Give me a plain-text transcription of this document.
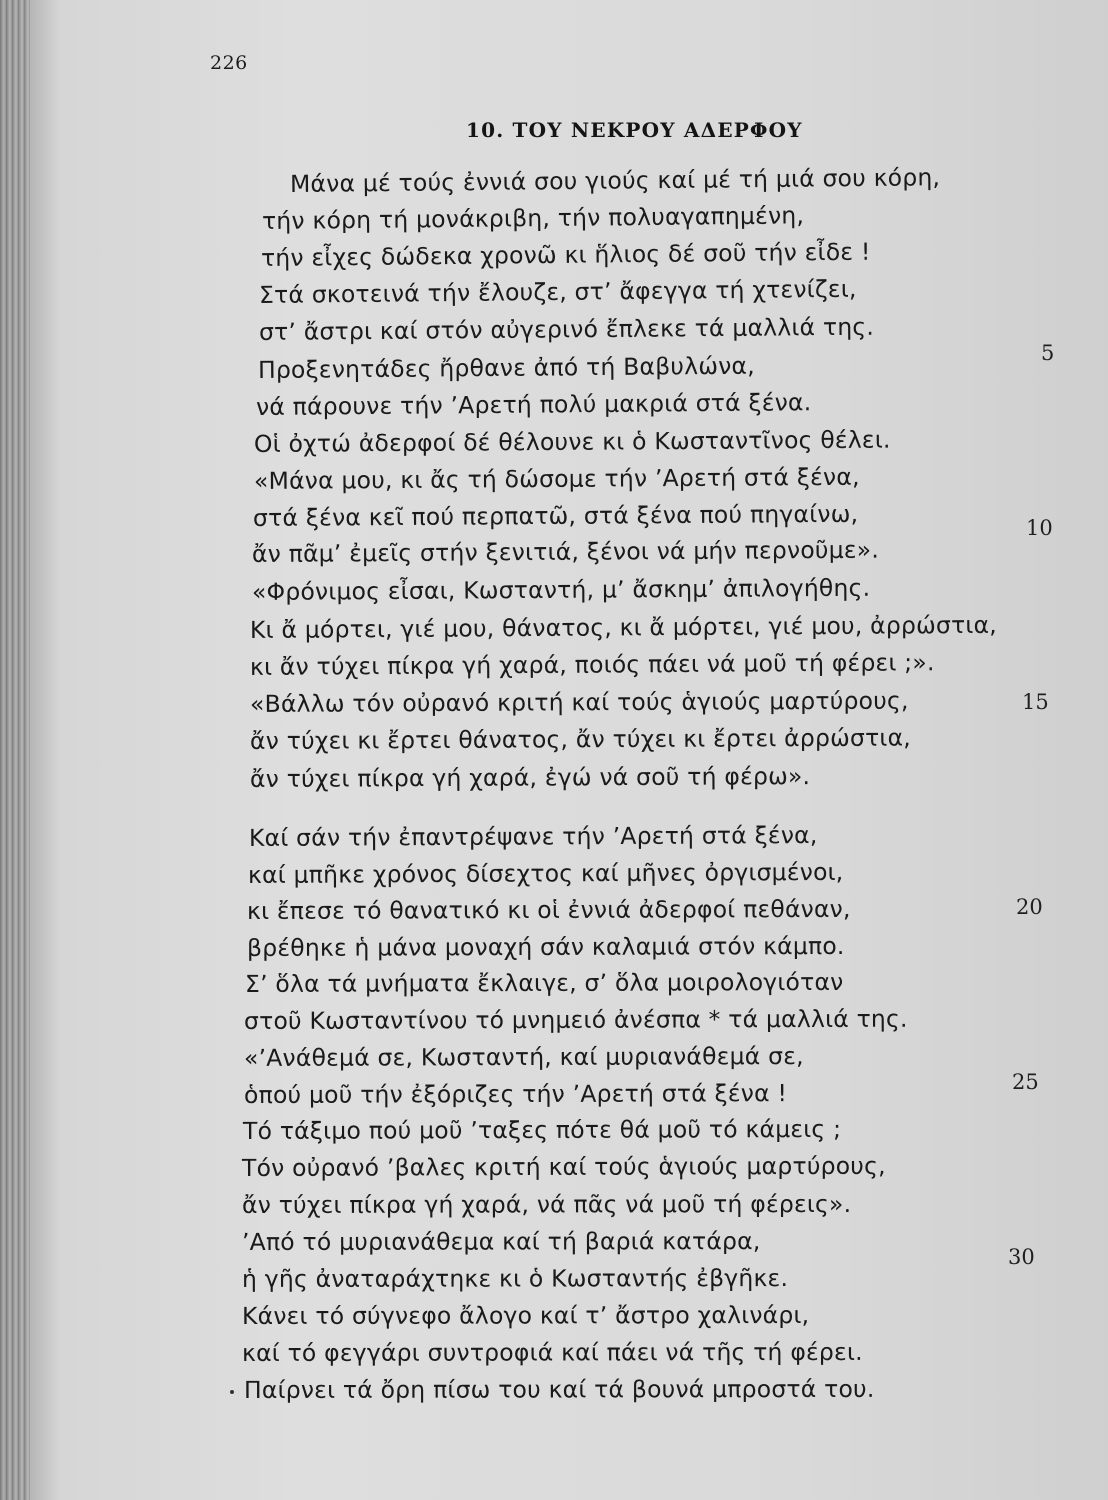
226
10. ΤΟΥ ΝΕΚΡΟΥ ΑΔΕΡΦΟΥ
Μάνα μέ τούς ἐννιά σου γιούς καί μέ τή μιά σου κόρη,
τήν κόρη τή μονάκριβη, τήν πολυαγαπημένη,
τήν εἶχες δώδεκα χρονῶ κι ἥλιος δέ σοῦ τήν εἶδε !
Στά σκοτεινά τήν ἔλουζε, στ’ ἄφεγγα τή χτενίζει,
στ’ ἄστρι καί στόν αὐγερινό ἔπλεκε τά μαλλιά της.
Προξενητάδες ἤρθανε ἀπό τή Βαβυλώνα,
νά πάρουνε τήν ’Αρετή πολύ μακριά στά ξένα.
Οἱ ὀχτώ ἀδερφοί δέ θέλουνε κι ὁ Κωσταντῖνος θέλει.
«Μάνα μου, κι ἄς τή δώσομε τήν ’Αρετή στά ξένα,
στά ξένα κεῖ πού περπατῶ, στά ξένα πού πηγαίνω,
ἄν πᾶμ’ ἐμεῖς στήν ξενιτιά, ξένοι νά μήν περνοῦμε».
«Φρόνιμος εἶσαι, Κωσταντή, μ’ ἄσκημ’ ἀπιλογήθης.
Κι ἄ μόρτει, γιέ μου, θάνατος, κι ἄ μόρτει, γιέ μου, ἀρρώστια,
κι ἄν τύχει πίκρα γή χαρά, ποιός πάει νά μοῦ τή φέρει ;».
«Βάλλω τόν οὐρανό κριτή καί τούς ἁγιούς μαρτύρους,
ἄν τύχει κι ἔρτει θάνατος, ἄν τύχει κι ἔρτει ἀρρώστια,
ἄν τύχει πίκρα γή χαρά, ἐγώ νά σοῦ τή φέρω».
Καί σάν τήν ἐπαντρέψανε τήν ’Αρετή στά ξένα,
καί μπῆκε χρόνος δίσεχτος καί μῆνες ὀργισμένοι,
κι ἔπεσε τό θανατικό κι οἱ ἐννιά ἀδερφοί πεθάναν,
βρέθηκε ἡ μάνα μοναχή σάν καλαμιά στόν κάμπο.
Σ’ ὅλα τά μνήματα ἔκλαιγε, σ’ ὅλα μοιρολογιόταν
στοῦ Κωσταντίνου τό μνημειό ἀνέσπα * τά μαλλιά της.
«’Ανάθεμά σε, Κωσταντή, καί μυριανάθεμά σε,
ὁπού μοῦ τήν ἐξόριζες τήν ’Αρετή στά ξένα !
Τό τάξιμο πού μοῦ ’ταξες πότε θά μοῦ τό κάμεις ;
Τόν οὐρανό ’βαλες κριτή καί τούς ἁγιούς μαρτύρους,
ἄν τύχει πίκρα γή χαρά, νά πᾶς νά μοῦ τή φέρεις».
’Από τό μυριανάθεμα καί τή βαριά κατάρα,
ἡ γῆς ἀναταράχτηκε κι ὁ Κωσταντής ἐβγῆκε.
Κάνει τό σύγνεφο ἄλογο καί τ’ ἄστρο χαλινάρι,
καί τό φεγγάρι συντροφιά καί πάει νά τῆς τή φέρει.
Παίρνει τά ὄρη πίσω του καί τά βουνά μπροστά του.
5
10
15
20
25
30
